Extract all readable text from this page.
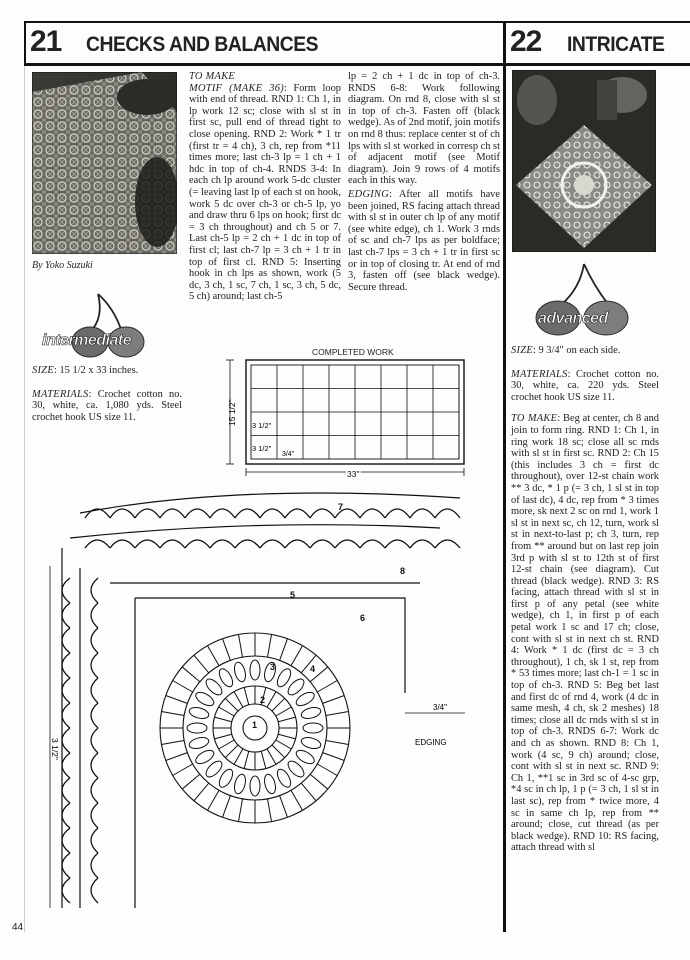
21 CHECKS AND BALANCES	22 INTRICATE
By Yoko Suzuki
intermediate

SIZE: 15 1/2 x 33 inches.

MATERIALS: Crochet cotton no. 30, white, ca. 1,080 yds. Steel crochet hook US size 11.

TO MAKE

MOTIF (MAKE 36): Form loop with end of thread. RND 1: Ch 1, in lp work 12 sc; close with sl st in first sc, pull end of thread tight to close opening. RND 2: Work * 1 tr (first tr = 4 ch), 3 ch, rep from *11 times more; last ch-3 lp = 1 ch + 1 hdc in top of ch-4. RNDS 3-4: In each ch lp around work 5-dc cluster (= leaving last lp of each st on hook, work 5 dc over ch-3 or ch-5 lp, yo and draw thru 6 lps on hook; first dc = 3 ch throughout) and ch 5 or 7. Last ch-5 lp = 2 ch + 1 dc in top of first cl; last ch-7 lp = 3 ch + 1 tr in top of first cl. RND 5: Inserting hook in ch lps as shown, work (5 dc, 3 ch, 1 sc, 7 ch, 1 sc, 3 ch, 5 dc, 5 ch) around; last ch-5

lp = 2 ch + 1 dc in top of ch-3. RNDS 6-8: Work following diagram. On rnd 8, close with sl st in top of ch-3. Fasten off (black wedge). As of 2nd motif, join motifs on rnd 8 thus: replace center st of ch lps with sl st worked in corresp ch st of adjacent motif (see Motif diagram). Join 9 rows of 4 motifs each in this way.

EDGING: After all motifs have been joined, RS facing attach thread with sl st in outer ch lp of any motif (see white edge), ch 1. Work 3 rnds of sc and ch-7 lps as per boldface; last ch-7 lps = 3 ch + 1 tr in first sc or in top of closing tr. At end of rnd 3, fasten off (see black wedge). Secure thread.

COMPLETED WORK
15 1/2"
33"
3 1/2"
3 1/2"
3/4"
3 1/2"
3/4"
EDGING
1
2
3	4
5
6
7
8
advanced

SIZE: 9 3/4" on each side.

MATERIALS: Crochet cotton no. 30, white, ca. 220 yds. Steel crochet hook US size 11.

TO MAKE: Beg at center, ch 8 and join to form ring. RND 1: Ch 1, in ring work 18 sc; close all sc rnds with sl st in first sc. RND 2: Ch 15 (this includes 3 ch = first dc throughout), over 12-st chain work ** 3 dc, * 1 p (= 3 ch, 1 sl st in top of last dc), 4 dc, rep from * 3 times more, sk next 2 sc on rnd 1, work 1 sl st in next sc, ch 12, turn, work sl st in next-to-last p; ch 3, turn, rep from ** around but on last rep join 3rd p with sl st to 12th st of first 12-st chain (see diagram). Cut thread (black wedge). RND 3: RS facing, attach thread with sl st in first p of any petal (see white wedge), ch 1, in first p of each petal work 1 sc and 17 ch; close, cont with sl st in next ch st. RND 4: Work * 1 dc (first dc = 3 ch throughout), 1 ch, sk 1 st, rep from * 53 times more; last ch-1 = 1 sc in top of ch-3. RND 5: Beg bet last and first dc of rnd 4, work (4 dc in same mesh, 4 ch, sk 2 meshes) 18 times; close all dc rnds with sl st in top of ch-3. RNDS 6-7: Work dc and ch as shown. RND 8: Ch 1, work (4 sc, 9 ch) around; close, cont with sl st in next sc. RND 9: Ch 1, **1 sc in 3rd sc of 4-sc grp, *4 sc in ch lp, 1 p (= 3 ch, 1 sl st in last sc), rep from * twice more, 4 sc in same ch lp, rep from ** around; close, cut thread (as per black wedge). RND 10: RS facing, attach thread with sl

44
